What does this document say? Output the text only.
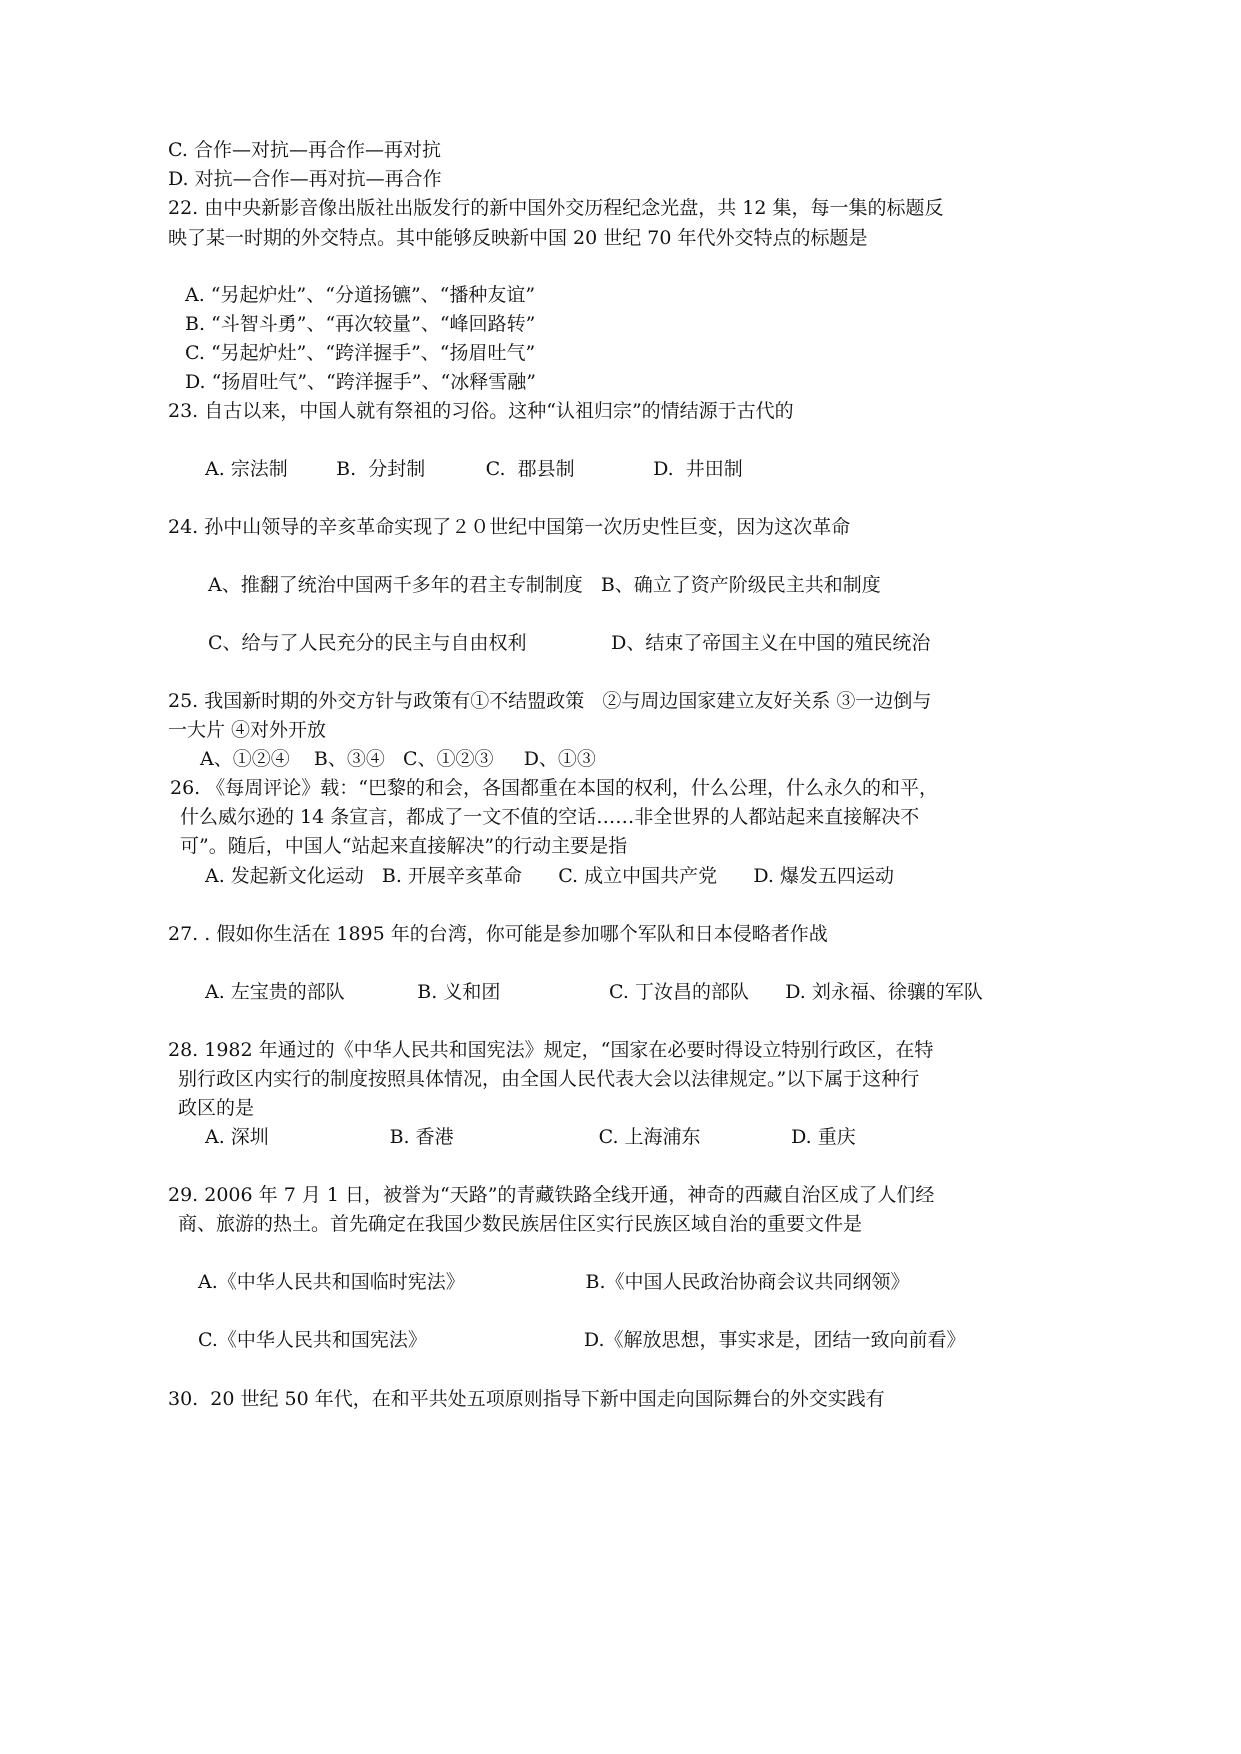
C. 合作—对抗—再合作—再对抗
D. 对抗—合作—再对抗—再合作
22. 由中央新影音像出版社出版发行的新中国外交历程纪念光盘，共 12 集，每一集的标题反
映了某一时期的外交特点。其中能够反映新中国 20 世纪 70 年代外交特点的标题是
A. “另起炉灶”、“分道扬镳”、“播种友谊”
B. “斗智斗勇”、“再次较量”、“峰回路转”
C. “另起炉灶”、“跨洋握手”、“扬眉吐气”
D. “扬眉吐气”、“跨洋握手”、“冰释雪融”
23. 自古以来，中国人就有祭祖的习俗。这种“认祖归宗”的情结源于古代的
A. 宗法制        B.  分封制          C.  郡县制             D.  井田制
24. 孙中山领导的辛亥革命实现了２０世纪中国第一次历史性巨变，因为这次革命
A、推翻了统治中国两千多年的君主专制制度   B、确立了资产阶级民主共和制度
C、给与了人民充分的民主与自由权利              D、结束了帝国主义在中国的殖民统治
25. 我国新时期的外交方针与政策有①不结盟政策   ②与周边国家建立友好关系 ③一边倒与
一大片 ④对外开放
A、①②④    B、③④   C、①②③     D、①③
26. 《每周评论》载：“巴黎的和会，各国都重在本国的权利，什么公理，什么永久的和平，
什么威尔逊的 14 条宣言，都成了一文不值的空话……非全世界的人都站起来直接解决不
可”。随后，中国人“站起来直接解决”的行动主要是指
A. 发起新文化运动   B. 开展辛亥革命      C. 成立中国共产党      D. 爆发五四运动
27. . 假如你生活在 1895 年的台湾，你可能是参加哪个军队和日本侵略者作战
A. 左宝贵的部队            B. 义和团                  C. 丁汝昌的部队      D. 刘永福、徐骧的军队
28. 1982 年通过的《中华人民共和国宪法》规定，“国家在必要时得设立特别行政区，在特
别行政区内实行的制度按照具体情况，由全国人民代表大会以法律规定。”以下属于这种行
政区的是
A. 深圳                    B. 香港                        C. 上海浦东               D. 重庆
29. 2006 年 7 月 1 日，被誉为“天路”的青藏铁路全线开通，神奇的西藏自治区成了人们经
商、旅游的热土。首先确定在我国少数民族居住区实行民族区域自治的重要文件是
A.《中华人民共和国临时宪法》                    B.《中国人民政治协商会议共同纲领》
C.《中华人民共和国宪法》                          D.《解放思想，事实求是，团结一致向前看》
30.  20 世纪 50 年代，在和平共处五项原则指导下新中国走向国际舞台的外交实践有
